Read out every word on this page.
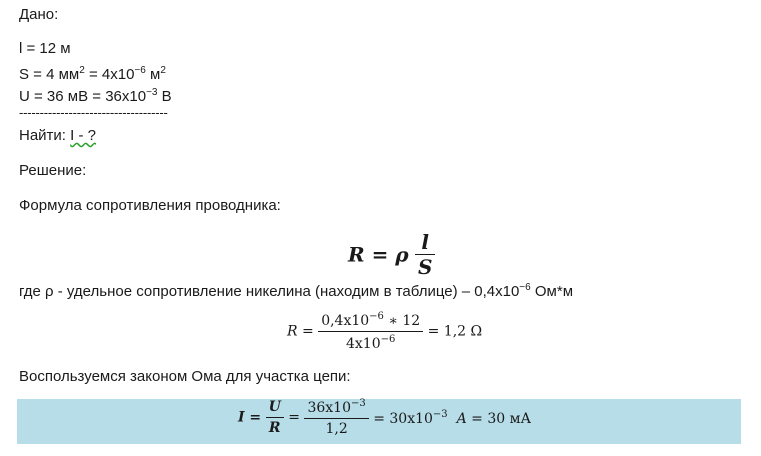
Дано:
l = 12 м
S = 4 $мм^2 = 4x10^{-6}$ $м^2$
U = 36 мВ = $36x10^{-3}$ В
------------------------------------
Найти: I - ?
Решение:
Формула сопротивления проводника:
R = ρ $\frac{l}{S}$
где ρ - удельное сопротивление никелина (находим в таблице) – $0,4x10^{-6}$ Ом*м
$R = \frac{0,4x10^{-6} ∗ 12}{4x10^{-6}} = 1,2$ Ω
Воспользуемся законом Ома для участка цепи:
$I = \frac{U}{R} = \frac{36x10^{-3}}{1,2} = 30x10^{-3}$ A = 30 мА
